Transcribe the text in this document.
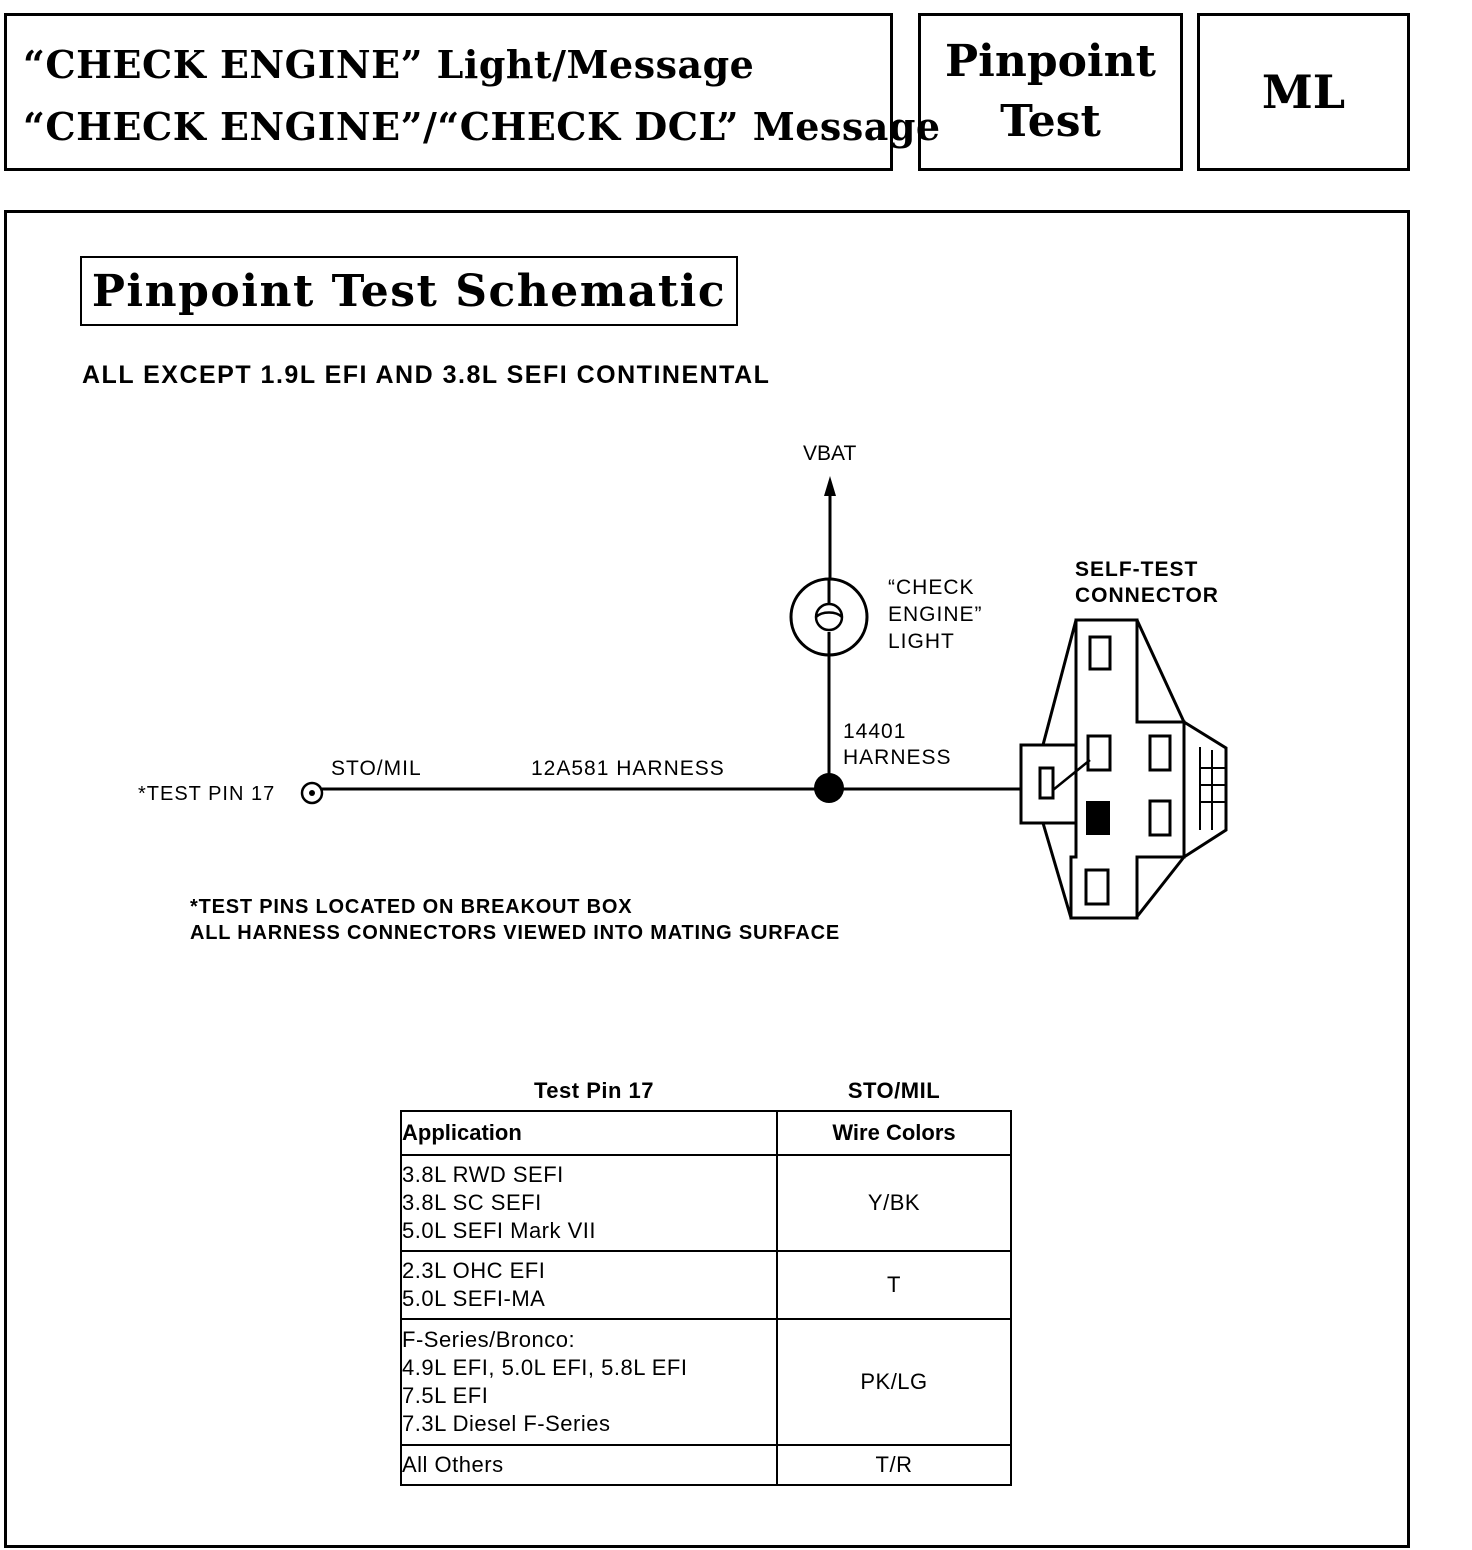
“CHECK ENGINE” Light/Message
“CHECK ENGINE”/“CHECK DCL” Message
Pinpoint
Test
ML
Pinpoint Test Schematic
ALL EXCEPT 1.9L EFI AND 3.8L SEFI CONTINENTAL
VBAT
“CHECK
ENGINE”
LIGHT
14401
HARNESS
12A581 HARNESS
STO/MIL
*TEST PIN 17
SELF-TEST
CONNECTOR
*TEST PINS LOCATED ON BREAKOUT BOX
ALL HARNESS CONNECTORS VIEWED INTO MATING SURFACE
Test Pin 17	STO/MIL
Application	Wire Colors

3.8L RWD SEFI
3.8L SC SEFI
5.0L SEFI Mark VII	Y/BK

2.3L OHC EFI
5.0L SEFI-MA	T

F-Series/Bronco:
4.9L EFI, 5.0L EFI, 5.8L EFI
7.5L EFI
7.3L Diesel F-Series	PK/LG

All Others	T/R
